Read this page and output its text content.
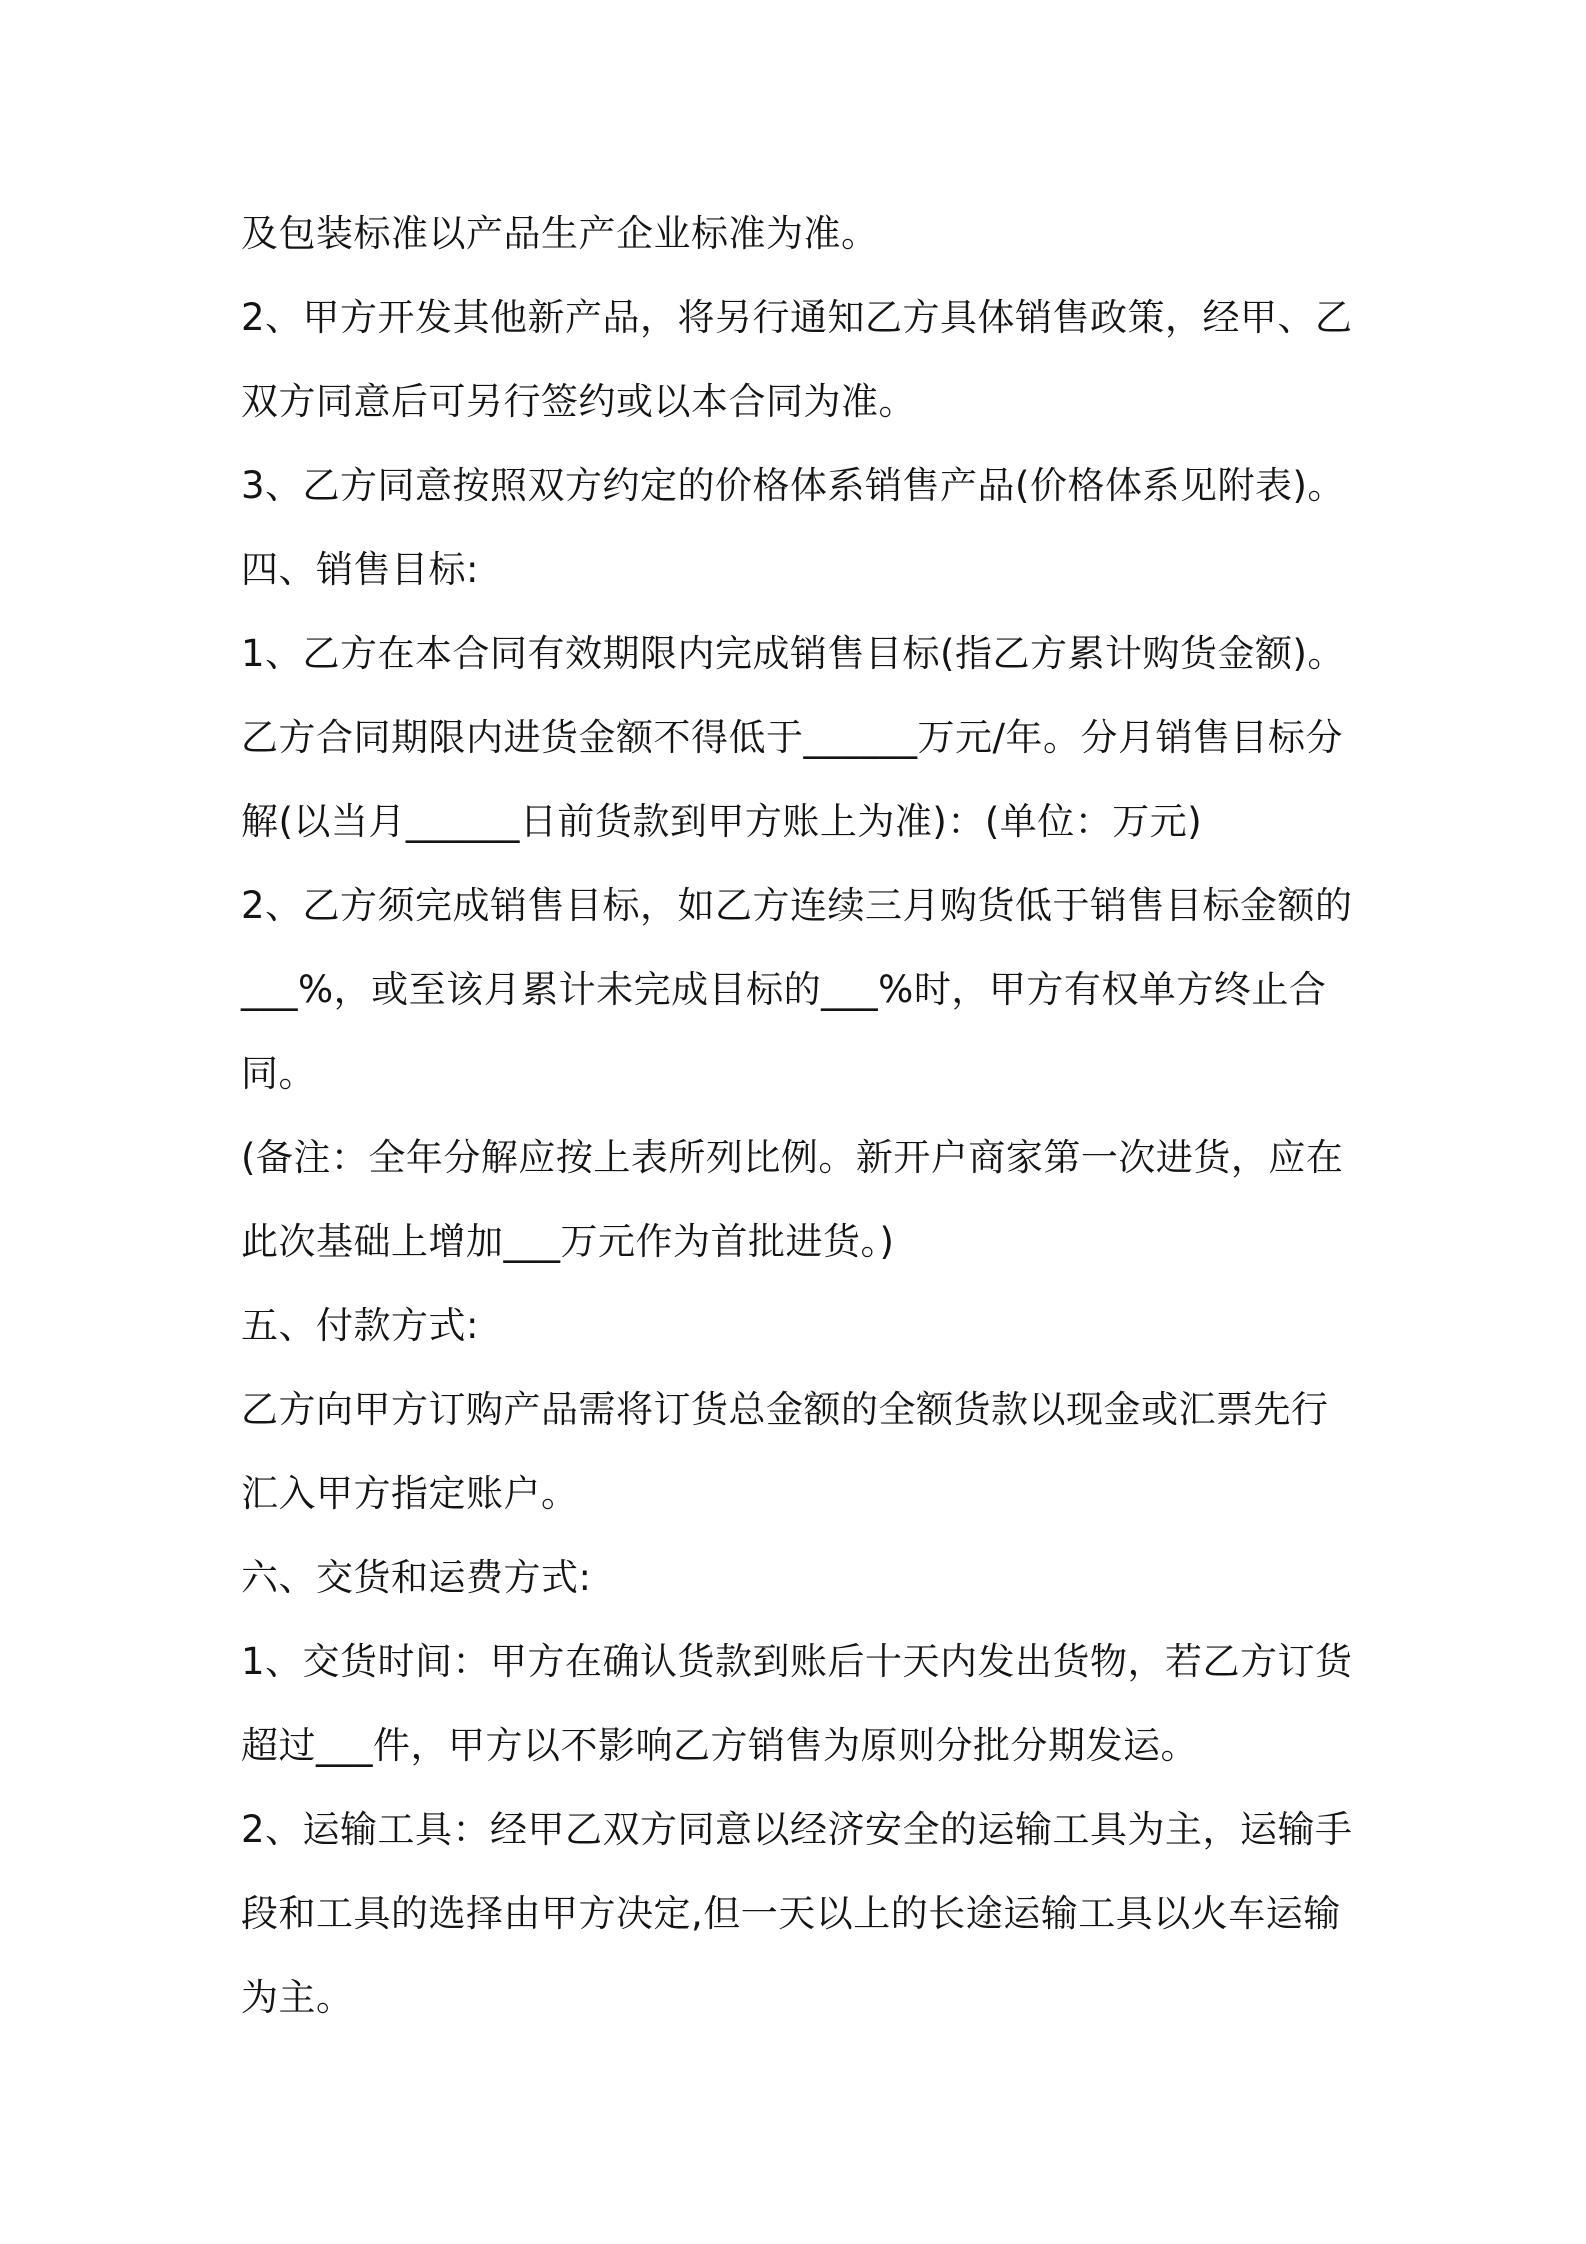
及包装标准以产品生产企业标准为准。
2、甲方开发其他新产品，将另行通知乙方具体销售政策，经甲、乙
双方同意后可另行签约或以本合同为准。
3、乙方同意按照双方约定的价格体系销售产品(价格体系见附表)。
四、销售目标:
1、乙方在本合同有效期限内完成销售目标(指乙方累计购货金额)。
乙方合同期限内进货金额不得低于______万元/年。分月销售目标分
解(以当月______日前货款到甲方账上为准)：(单位：万元)
2、乙方须完成销售目标，如乙方连续三月购货低于销售目标金额的
___%，或至该月累计未完成目标的___%时，甲方有权单方终止合
同。
(备注：全年分解应按上表所列比例。新开户商家第一次进货，应在
此次基础上增加___万元作为首批进货。)
五、付款方式:
乙方向甲方订购产品需将订货总金额的全额货款以现金或汇票先行
汇入甲方指定账户。
六、交货和运费方式:
1、交货时间：甲方在确认货款到账后十天内发出货物，若乙方订货
超过___件，甲方以不影响乙方销售为原则分批分期发运。
2、运输工具：经甲乙双方同意以经济安全的运输工具为主，运输手
段和工具的选择由甲方决定,但一天以上的长途运输工具以火车运输
为主。
